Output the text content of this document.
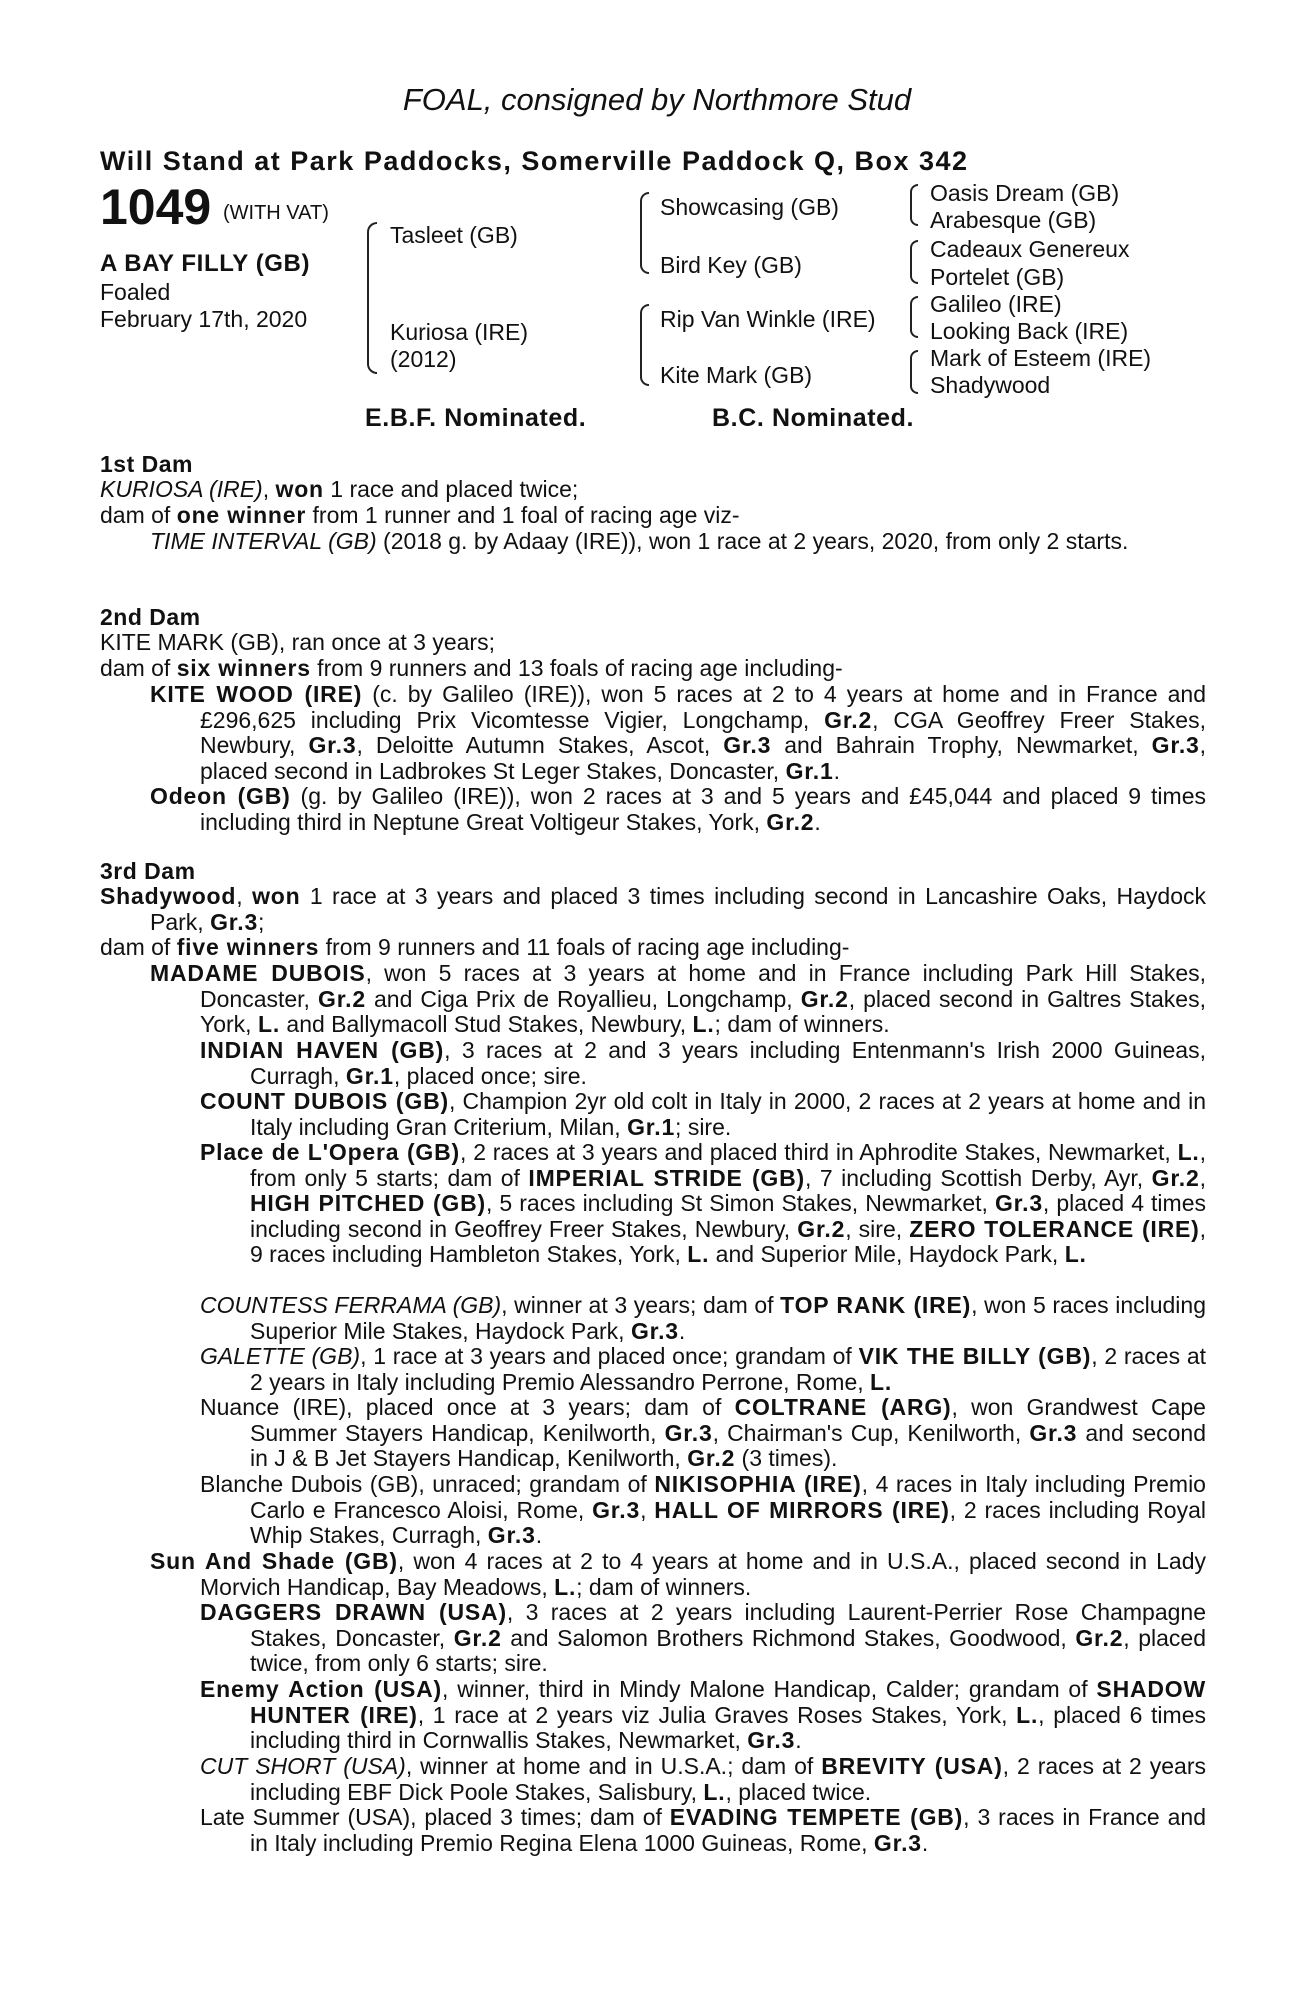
FOAL, consigned by Northmore Stud
Will Stand at Park Paddocks, Somerville Paddock Q, Box 342
1049 (WITH VAT)
A BAY FILLY (GB)
Foaled
February 17th, 2020
Tasleet (GB)
Kuriosa (IRE)
(2012)
Showcasing (GB)
Bird Key (GB)
Rip Van Winkle (IRE)
Kite Mark (GB)
Oasis Dream (GB)
Arabesque (GB)
Cadeaux Genereux
Portelet (GB)
Galileo (IRE)
Looking Back (IRE)
Mark of Esteem (IRE)
Shadywood
E.B.F. Nominated.	B.C. Nominated.
1st Dam
KURIOSA (IRE), won 1 race and placed twice;
dam of one winner from 1 runner and 1 foal of racing age viz-
TIME INTERVAL (GB) (2018 g. by Adaay (IRE)), won 1 race at 2 years, 2020, from only 2 starts.
2nd Dam
KITE MARK (GB), ran once at 3 years;
dam of six winners from 9 runners and 13 foals of racing age including-
KITE WOOD (IRE) (c. by Galileo (IRE)), won 5 races at 2 to 4 years at home and in France and £296,625 including Prix Vicomtesse Vigier, Longchamp, Gr.2, CGA Geoffrey Freer Stakes, Newbury, Gr.3, Deloitte Autumn Stakes, Ascot, Gr.3 and Bahrain Trophy, Newmarket, Gr.3, placed second in Ladbrokes St Leger Stakes, Doncaster, Gr.1.
Odeon (GB) (g. by Galileo (IRE)), won 2 races at 3 and 5 years and £45,044 and placed 9 times including third in Neptune Great Voltigeur Stakes, York, Gr.2.
3rd Dam
Shadywood, won 1 race at 3 years and placed 3 times including second in Lancashire Oaks, Haydock Park, Gr.3;
dam of five winners from 9 runners and 11 foals of racing age including-
MADAME DUBOIS, won 5 races at 3 years at home and in France including Park Hill Stakes, Doncaster, Gr.2 and Ciga Prix de Royallieu, Longchamp, Gr.2, placed second in Galtres Stakes, York, L. and Ballymacoll Stud Stakes, Newbury, L.; dam of winners.
INDIAN HAVEN (GB), 3 races at 2 and 3 years including Entenmann's Irish 2000 Guineas, Curragh, Gr.1, placed once; sire.
COUNT DUBOIS (GB), Champion 2yr old colt in Italy in 2000, 2 races at 2 years at home and in Italy including Gran Criterium, Milan, Gr.1; sire.
Place de L'Opera (GB), 2 races at 3 years and placed third in Aphrodite Stakes, Newmarket, L., from only 5 starts; dam of IMPERIAL STRIDE (GB), 7 including Scottish Derby, Ayr, Gr.2, HIGH PITCHED (GB), 5 races including St Simon Stakes, Newmarket, Gr.3, placed 4 times including second in Geoffrey Freer Stakes, Newbury, Gr.2, sire, ZERO TOLERANCE (IRE), 9 races including Hambleton Stakes, York, L. and Superior Mile, Haydock Park, L.
COUNTESS FERRAMA (GB), winner at 3 years; dam of TOP RANK (IRE), won 5 races including Superior Mile Stakes, Haydock Park, Gr.3.
GALETTE (GB), 1 race at 3 years and placed once; grandam of VIK THE BILLY (GB), 2 races at 2 years in Italy including Premio Alessandro Perrone, Rome, L.
Nuance (IRE), placed once at 3 years; dam of COLTRANE (ARG), won Grandwest Cape Summer Stayers Handicap, Kenilworth, Gr.3, Chairman's Cup, Kenilworth, Gr.3 and second in J & B Jet Stayers Handicap, Kenilworth, Gr.2 (3 times).
Blanche Dubois (GB), unraced; grandam of NIKISOPHIA (IRE), 4 races in Italy including Premio Carlo e Francesco Aloisi, Rome, Gr.3, HALL OF MIRRORS (IRE), 2 races including Royal Whip Stakes, Curragh, Gr.3.
Sun And Shade (GB), won 4 races at 2 to 4 years at home and in U.S.A., placed second in Lady Morvich Handicap, Bay Meadows, L.; dam of winners.
DAGGERS DRAWN (USA), 3 races at 2 years including Laurent-Perrier Rose Champagne Stakes, Doncaster, Gr.2 and Salomon Brothers Richmond Stakes, Goodwood, Gr.2, placed twice, from only 6 starts; sire.
Enemy Action (USA), winner, third in Mindy Malone Handicap, Calder; grandam of SHADOW HUNTER (IRE), 1 race at 2 years viz Julia Graves Roses Stakes, York, L., placed 6 times including third in Cornwallis Stakes, Newmarket, Gr.3.
CUT SHORT (USA), winner at home and in U.S.A.; dam of BREVITY (USA), 2 races at 2 years including EBF Dick Poole Stakes, Salisbury, L., placed twice.
Late Summer (USA), placed 3 times; dam of EVADING TEMPETE (GB), 3 races in France and in Italy including Premio Regina Elena 1000 Guineas, Rome, Gr.3.
